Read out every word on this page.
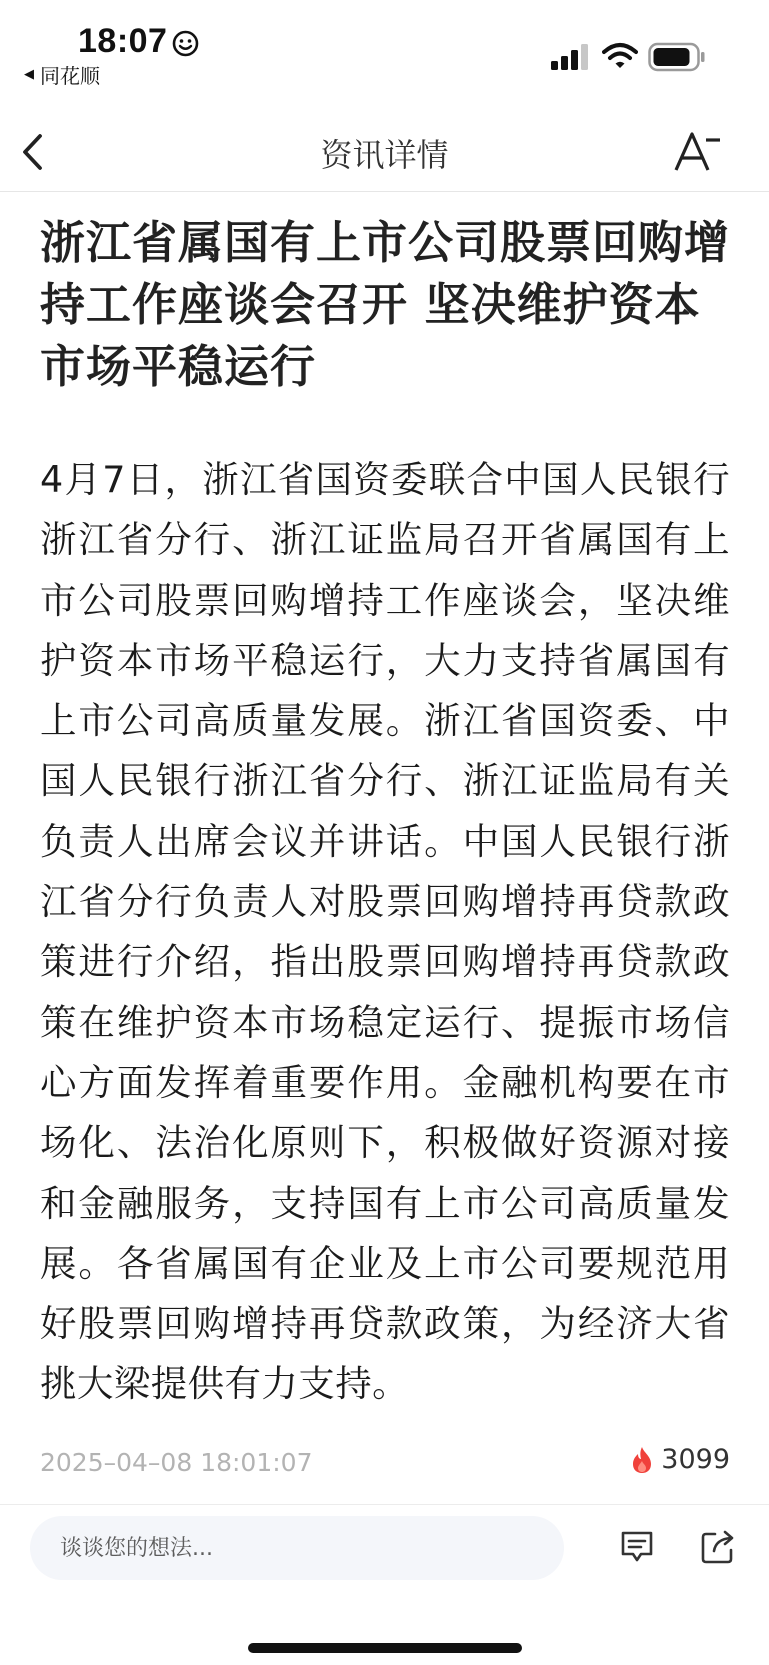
18:07
◀ 同花顺
资讯详情
浙江省属国有上市公司股票回购增持工作座谈会召开 坚决维护资本市场平稳运行
4月7日，浙江省国资委联合中国人民银行浙江省分行、浙江证监局召开省属国有上市公司股票回购增持工作座谈会，坚决维护资本市场平稳运行，大力支持省属国有上市公司高质量发展。浙江省国资委、中国人民银行浙江省分行、浙江证监局有关负责人出席会议并讲话。中国人民银行浙江省分行负责人对股票回购增持再贷款政策进行介绍，指出股票回购增持再贷款政策在维护资本市场稳定运行、提振市场信心方面发挥着重要作用。金融机构要在市场化、法治化原则下，积极做好资源对接和金融服务，支持国有上市公司高质量发展。各省属国有企业及上市公司要规范用好股票回购增持再贷款政策，为经济大省挑大梁提供有力支持。
2025–04–08 18:01:07	3099
谈谈您的想法...
